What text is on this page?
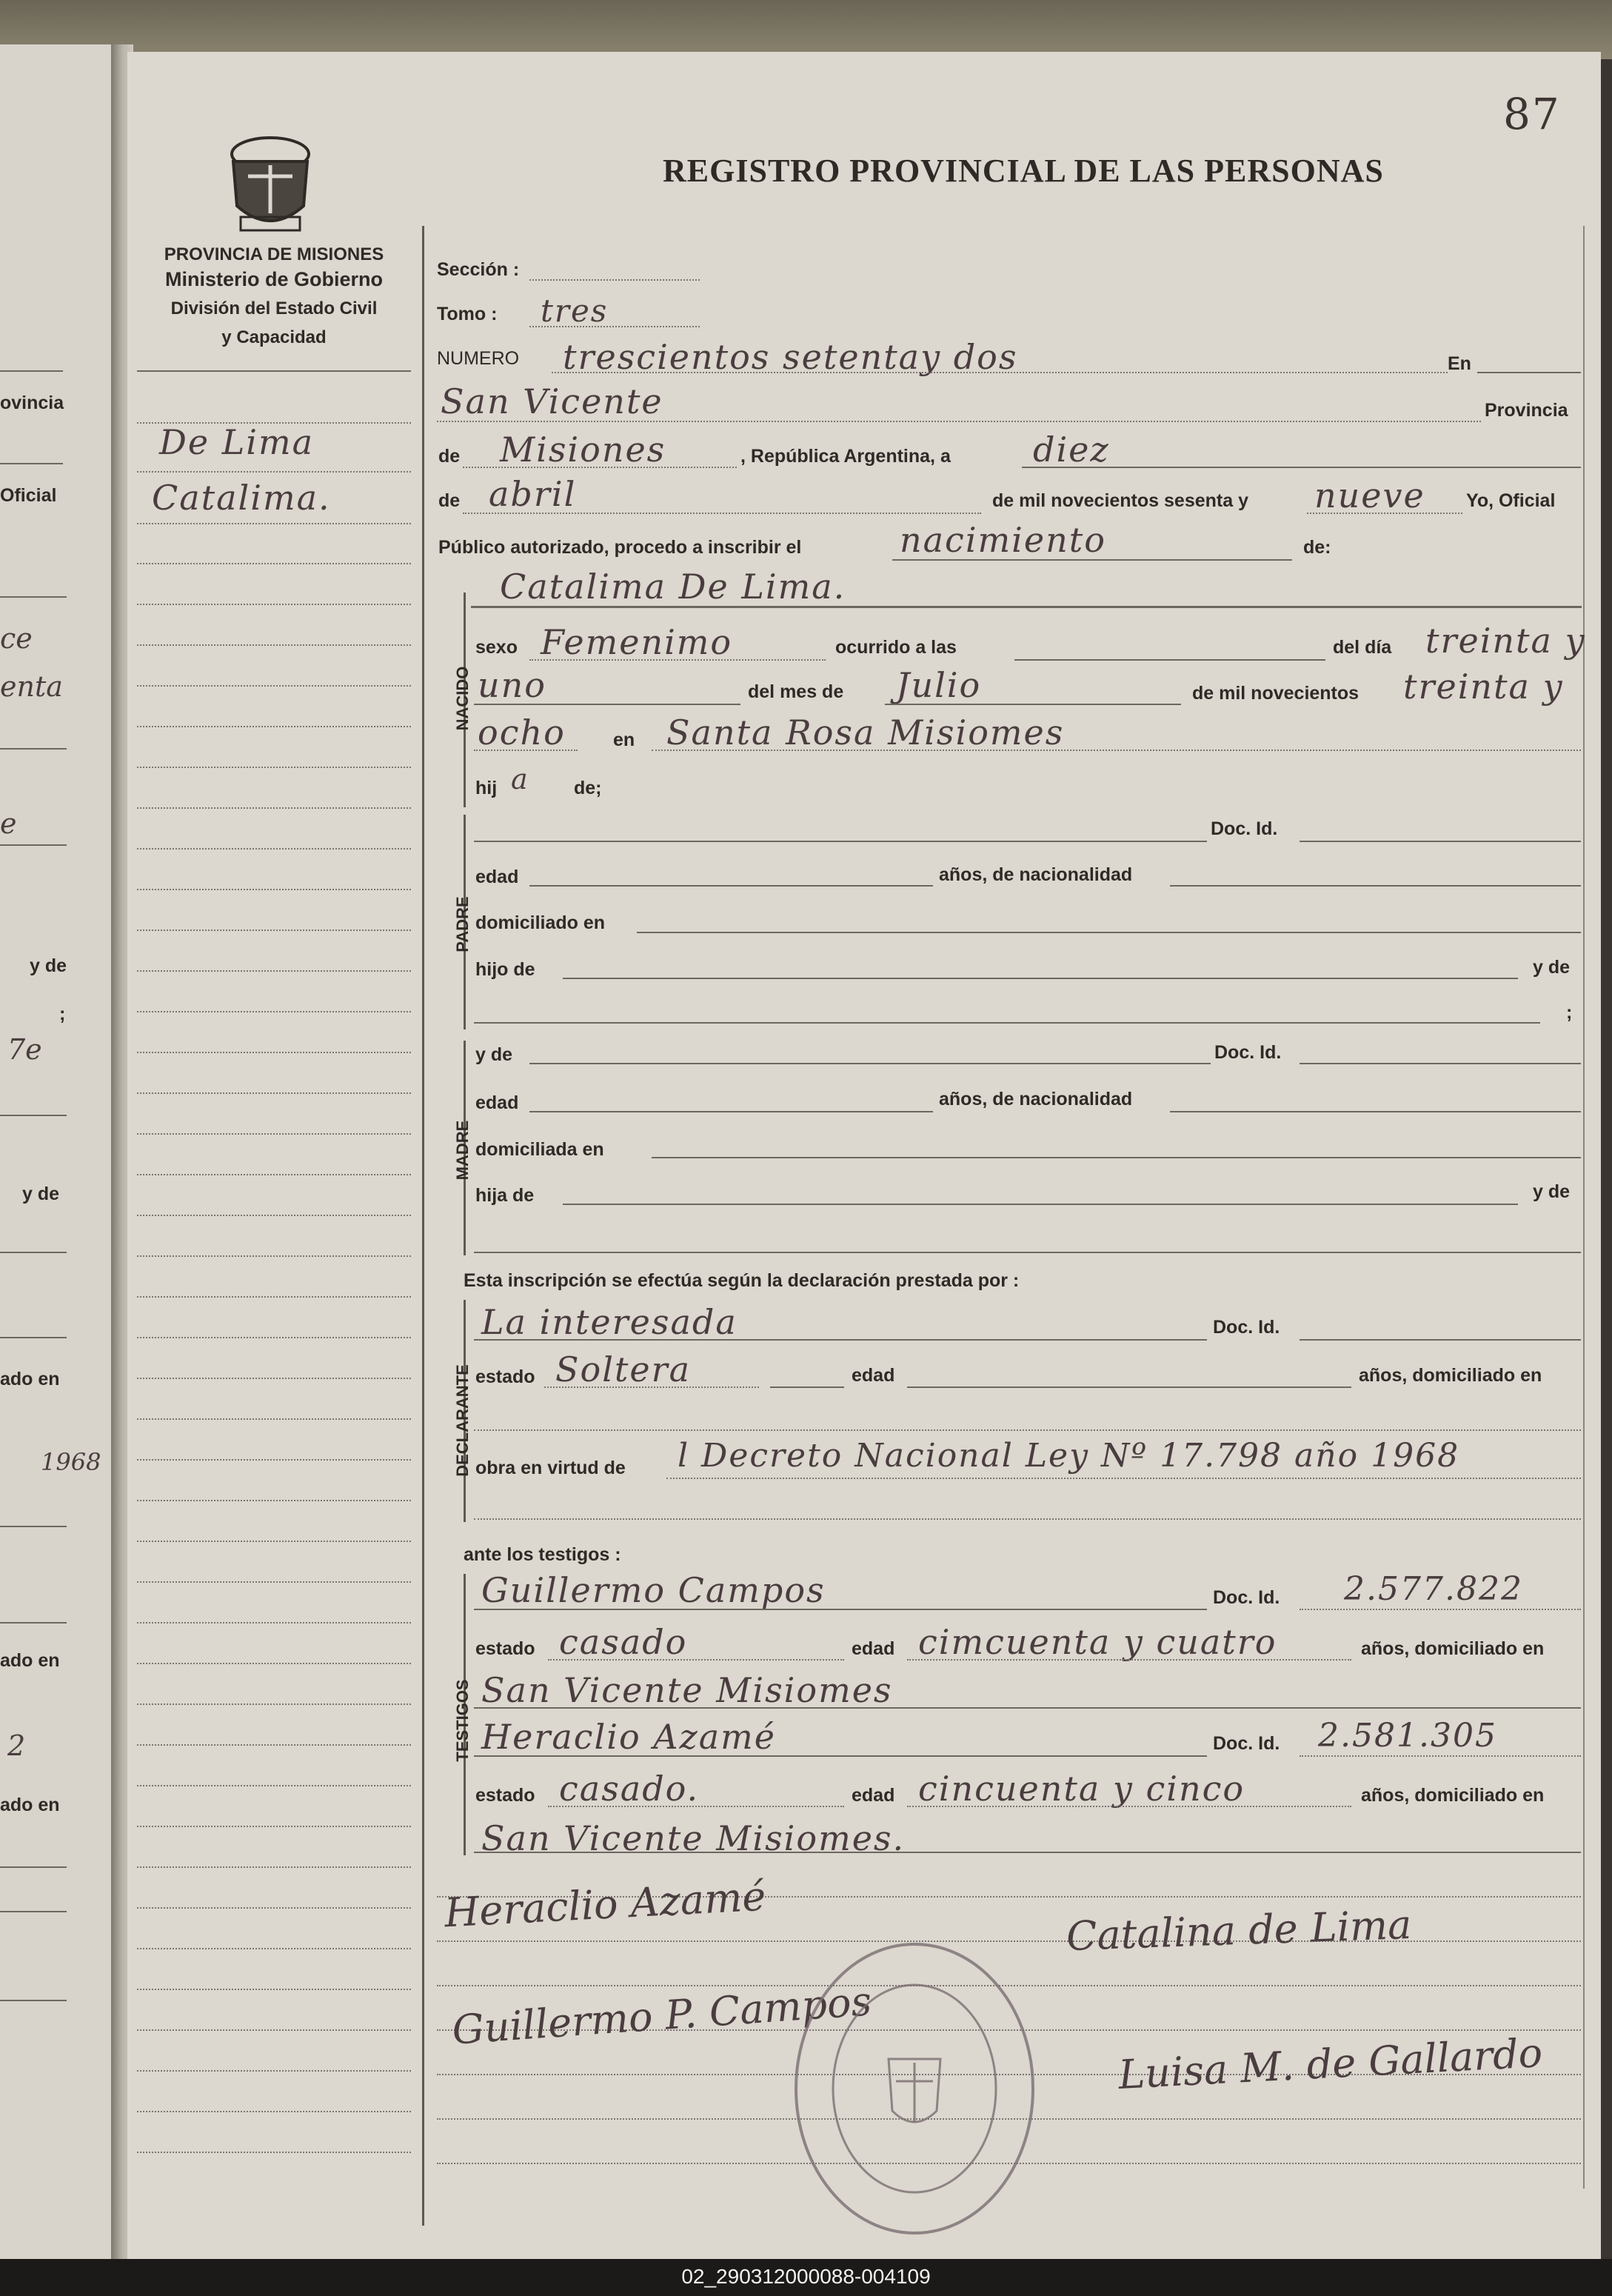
ovincia
Oficial
ce
enta
e
y de
;
7e
y de
ado en
1968
ado en
2
ado en
87
REGISTRO PROVINCIAL DE LAS PERSONAS
PROVINCIA DE MISIONES
Ministerio de Gobierno
División del Estado Civil
y Capacidad
De Lima
Catalima.
Sección :
Tomo : tres
NUMERO trescientos setentay dos	En
San Vicente	Provincia
de Misiones	, República Argentina, a diez
de abril	de mil novecientos sesenta y nueve Yo, Oficial
Público autorizado, procedo a inscribir el	nacimiento	de:
NACIDO
Catalima De Lima.
sexo Femenimo	ocurrido a las	del día treinta y
uno	del mes de Julio	de mil novecientos treinta y
ocho	en Santa Rosa Misiomes
hij a de;
PADRE
Doc. Id.
edad	años, de nacionalidad
domiciliado en
hijo de	y de
;
MADRE
y de	Doc. Id.
edad	años, de nacionalidad
domiciliada en
hija de	y de
Esta inscripción se efectúa según la declaración prestada por :
DECLARANTE
La interesada	Doc. Id.
estado Soltera	edad	años, domiciliado en
obra en virtud de l Decreto Nacional Ley Nº 17.798 año 1968
ante los testigos :
TESTIGOS
Guillermo Campos	Doc. Id. 2.577.822
estado casado	edad cimcuenta y cuatro	años, domiciliado en
San Vicente Misiomes
Heraclio Azamé	Doc. Id. 2.581.305
estado casado.	edad cincuenta y cinco	años, domiciliado en
San Vicente Misiomes.
Heraclio Azamé	Catalina de Lima
Guillermo P. Campos
Luisa M. de Gallardo
02_290312000088-004109
